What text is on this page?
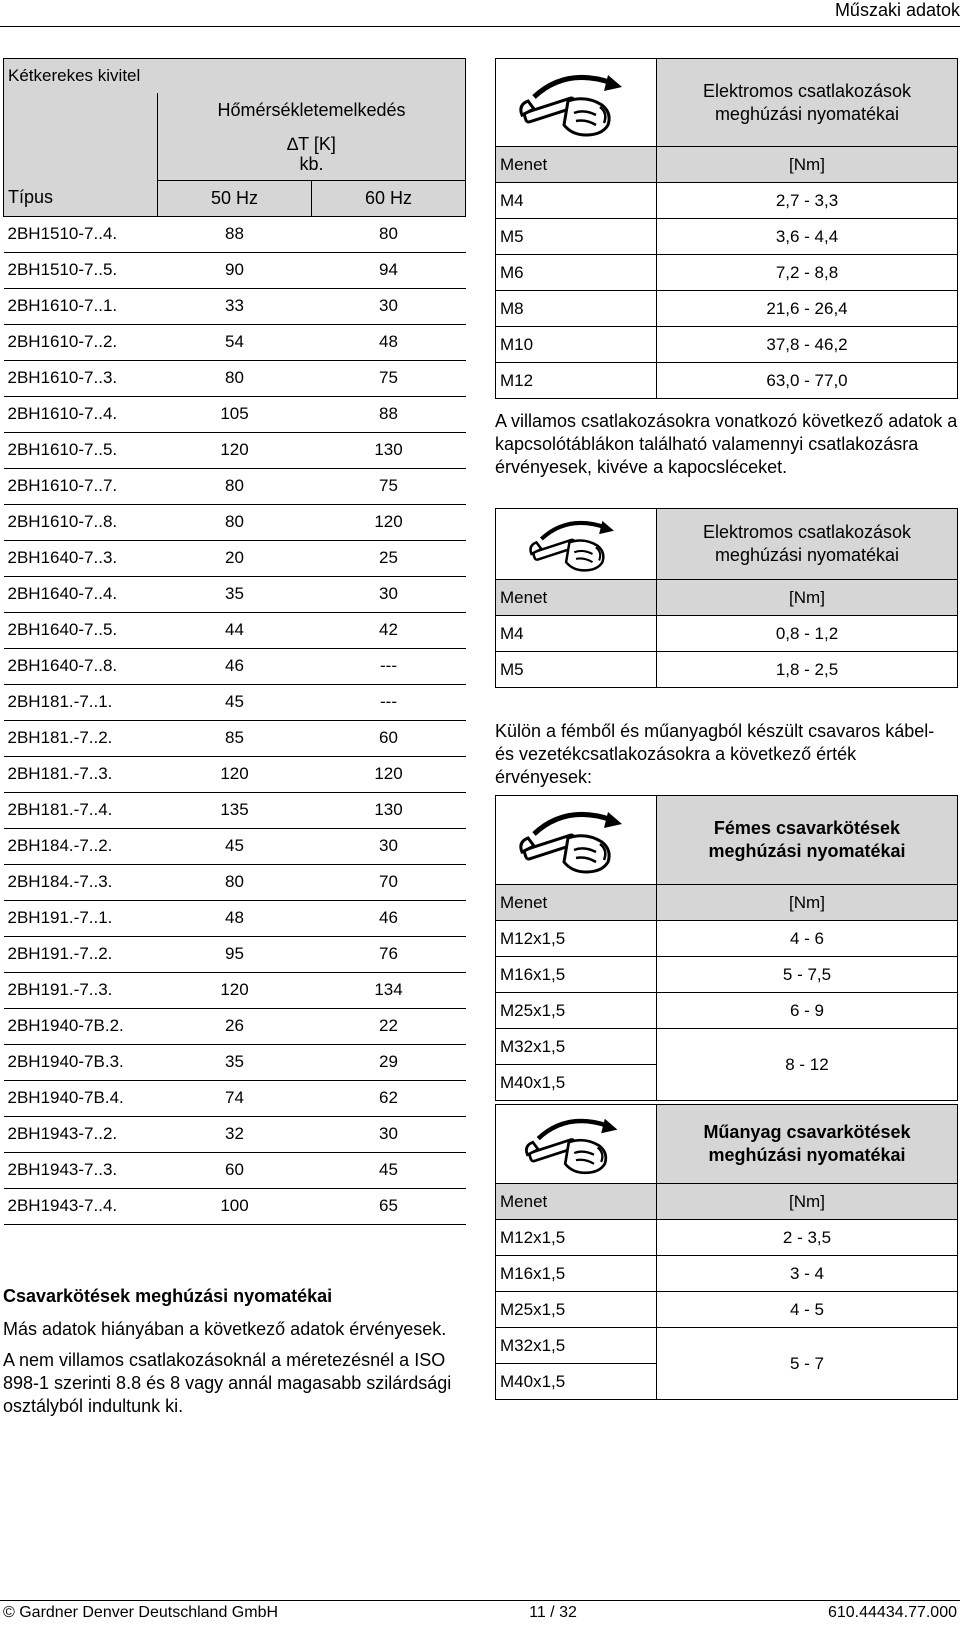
Műszaki adatok
Kétkerekes kivitel		
	Hőmérsékletemelkedés	

	∆T [K]
kb.	

Típus	50 Hz	60 Hz
2BH1510-7..4.	88	80
2BH1510-7..5.	90	94
2BH1610-7..1.	33	30
2BH1610-7..2.	54	48
2BH1610-7..3.	80	75
2BH1610-7..4.	105	88
2BH1610-7..5.	120	130
2BH1610-7..7.	80	75
2BH1610-7..8.	80	120
2BH1640-7..3.	20	25
2BH1640-7..4.	35	30
2BH1640-7..5.	44	42
2BH1640-7..8.	46	---
2BH181.-7..1.	45	---
2BH181.-7..2.	85	60
2BH181.-7..3.	120	120
2BH181.-7..4.	135	130
2BH184.-7..2.	45	30
2BH184.-7..3.	80	70
2BH191.-7..1.	48	46
2BH191.-7..2.	95	76
2BH191.-7..3.	120	134
2BH1940-7B.2.	26	22
2BH1940-7B.3.	35	29
2BH1940-7B.4.	74	62
2BH1943-7..2.	32	30
2BH1943-7..3.	60	45
2BH1943-7..4.	100	65
Csavarkötések meghúzási nyomatékai

Más adatok hiányában a következő adatok érvényesek.

A nem villamos csatlakozásoknál a méretezésnél a ISO 898-1 szerinti 8.8 és 8 vagy annál magasabb szilárdsági osztályból indultunk ki.

Elektromos csatlakozások
meghúzási nyomatékai

Menet	[Nm]
M4	2,7 - 3,3
M5	3,6 - 4,4
M6	7,2 - 8,8
M8	21,6 - 26,4
M10	37,8 - 46,2
M12	63,0 - 77,0
A villamos csatlakozásokra vonatkozó következő adatok a kapcsolótáblákon található valamennyi csatlakozásra érvényesek, kivéve a kapocsléceket.

Elektromos csatlakozások
meghúzási nyomatékai

Menet	[Nm]
M4	0,8 - 1,2
M5	1,8 - 2,5
Külön a fémből és műanyagból készült csavaros kábel- és vezetékcsatlakozásokra a következő érték érvényesek:

Fémes csavarkötések
meghúzási nyomatékai

Menet	[Nm]
M12x1,5	4 - 6
M16x1,5	5 - 7,5
M25x1,5	6 - 9
M32x1,5	8 - 12
M40x1,5	

Műanyag csavarkötések
meghúzási nyomatékai

Menet	[Nm]
M12x1,5	2 - 3,5
M16x1,5	3 - 4
M25x1,5	4 - 5
M32x1,5	5 - 7
M40x1,5	
© Gardner Denver Deutschland GmbH	11 / 32	610.44434.77.000
